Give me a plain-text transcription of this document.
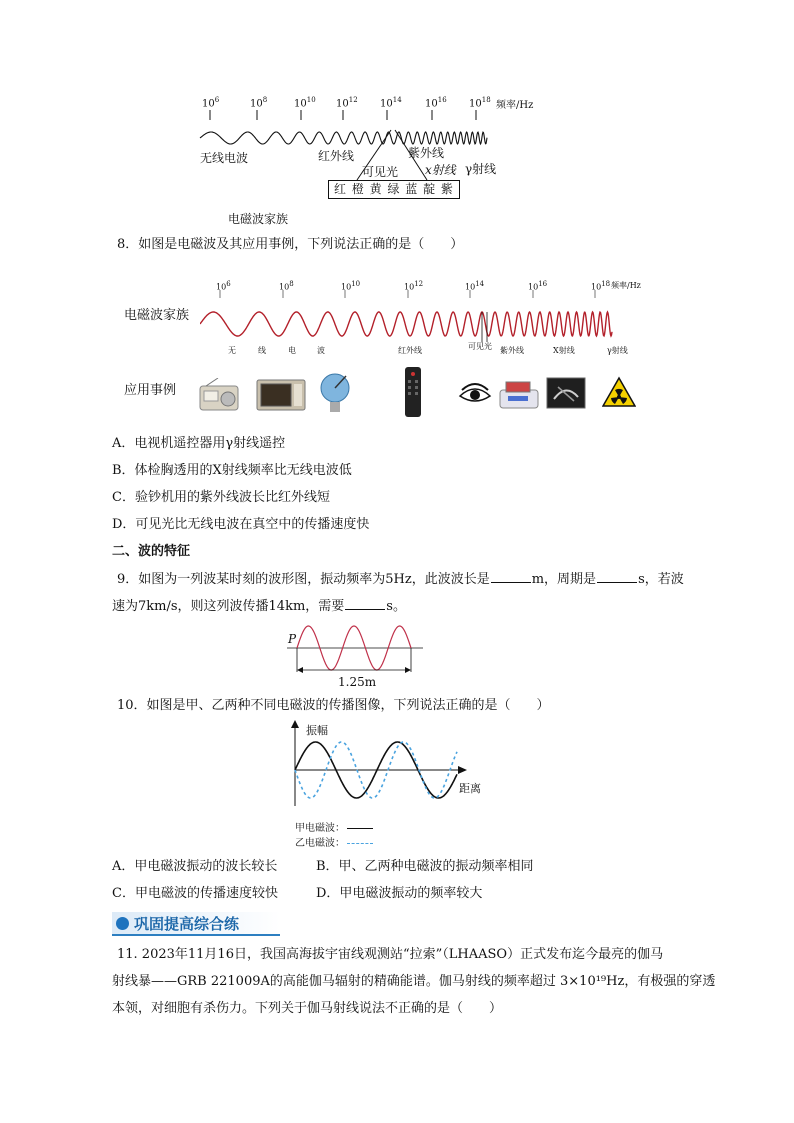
$10^6$	$10^8$	$10^{10}$ $10^{12}$ $10^{14}$ $10^{16}$ $10^{18}$ 频率/Hz
无线电波	红外线	紫外线
可见光 x射线 γ射线
红 橙 黄 绿 蓝 靛 紫
电磁波家族
8．如图是电磁波及其应用事例，下列说法正确的是（　　）
106	108	1010	1012	1014	1016	1018 频率/Hz
电磁波家族
无	线	电	波	红外线	可见光 紫外线	X射线	γ射线
应用事例
A．电视机遥控器用γ射线遥控
B．体检胸透用的X射线频率比无线电波低
C．验钞机用的紫外线波长比红外线短
D．可见光比无线电波在真空中的传播速度快
二、波的特征
9．如图为一列波某时刻的波形图，振动频率为5Hz，此波波长是	m，周期是	s，若波
速为7km/s，则这列波传播14km，需要	s。
P
1.25m
10．如图是甲、乙两种不同电磁波的传播图像，下列说法正确的是（　　）
振幅
距离
甲电磁波：
乙电磁波：
A．甲电磁波振动的波长较长	B．甲、乙两种电磁波的振动频率相同
C．甲电磁波的传播速度较快	D．甲电磁波振动的频率较大
巩固提高综合练
11. 2023年11月16日，我国高海拔宇宙线观测站“拉索”（LHAASO）正式发布迄今最亮的伽马
射线暴——GRB 221009A的高能伽马辐射的精确能谱。伽马射线的频率超过 3×10¹⁹Hz，有极强的穿透
本领，对细胞有杀伤力。下列关于伽马射线说法不正确的是（　　）
